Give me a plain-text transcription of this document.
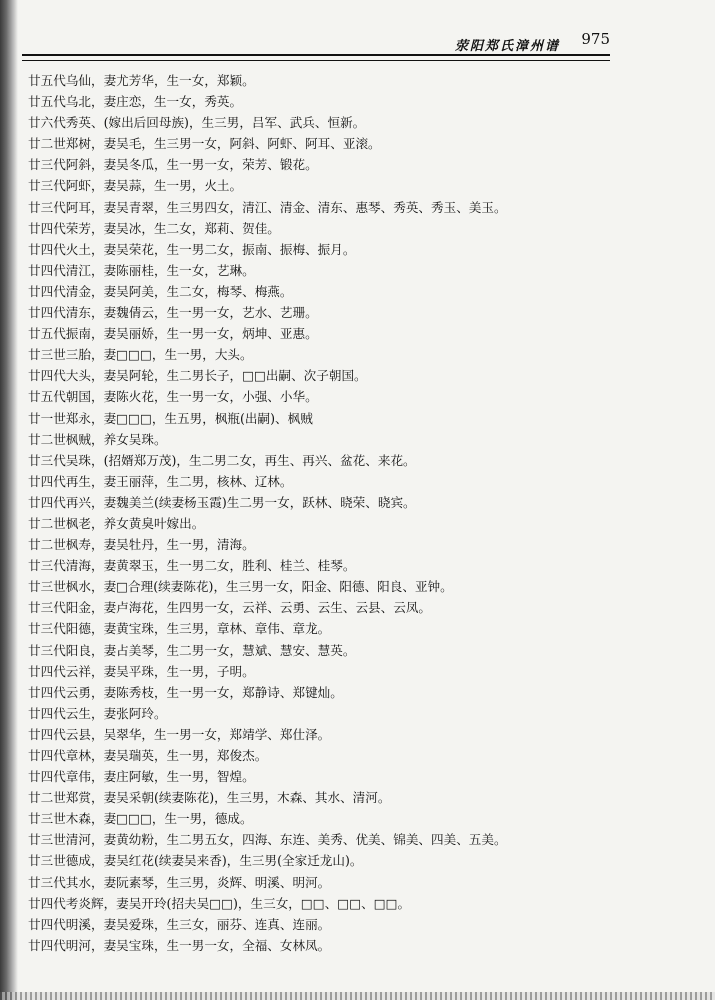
荥阳郑氏漳州谱 975
廿五代乌仙，妻尤芳华，生一女，郑颖。
廿五代乌北，妻庄恋，生一女，秀英。
廿六代秀英、(嫁出后回母族)，生三男，吕军、武兵、恒新。
廿二世郑树，妻吴毛，生三男一女，阿斜、阿虾、阿耳、亚滚。
廿三代阿斜，妻吴冬瓜，生一男一女，荣芳、锻花。
廿三代阿虾，妻吴蒜，生一男，火土。
廿三代阿耳，妻吴青翠，生三男四女，清江、清金、清东、惠琴、秀英、秀玉、美玉。
廿四代荣芳，妻吴冰，生二女，郑莉、贺佳。
廿四代火土，妻吴荣花，生一男二女，振南、振梅、振月。
廿四代清江，妻陈丽桂，生一女，艺琳。
廿四代清金，妻吴阿美，生二女，梅琴、梅燕。
廿四代清东，妻魏倩云，生一男一女，艺水、艺珊。
廿五代振南，妻吴丽娇，生一男一女，炳坤、亚惠。
廿三世三胎，妻□□□，生一男，大头。
廿四代大头，妻吴阿轮，生二男长子，□□出嗣、次子朝国。
廿五代朝国，妻陈火花，生一男一女，小强、小华。
廿一世郑永，妻□□□，生五男，枫瓶(出嗣)、枫贼
廿二世枫贼，养女吴珠。
廿三代吴珠，(招婿郑万茂)，生二男二女，再生、再兴、盆花、来花。
廿四代再生，妻王丽萍，生二男，核林、辽林。
廿四代再兴，妻魏美兰(续妻杨玉霞)生二男一女，跃林、晓荣、晓宾。
廿二世枫老，养女黄臭叶嫁出。
廿二世枫寿，妻吴牡丹，生一男，清海。
廿三代清海，妻黄翠玉，生一男二女，胜利、桂兰、桂琴。
廿三世枫水，妻□合理(续妻陈花)，生三男一女，阳金、阳德、阳良、亚钟。
廿三代阳金，妻卢海花，生四男一女，云祥、云勇、云生、云县、云凤。
廿三代阳德，妻黄宝珠，生三男，章林、章伟、章龙。
廿三代阳良，妻占美琴，生二男一女，慧斌、慧安、慧英。
廿四代云祥，妻吴平珠，生一男，子明。
廿四代云勇，妻陈秀枝，生一男一女，郑静诗、郑键灿。
廿四代云生，妻张阿玲。
廿四代云县，吴翠华，生一男一女，郑靖学、郑仕泽。
廿四代章林，妻吴瑞英，生一男，郑俊杰。
廿四代章伟，妻庄阿敏，生一男，智煌。
廿二世郑赏，妻吴采朝(续妻陈花)，生三男，木森、其水、清河。
廿三世木森，妻□□□，生一男，德成。
廿三世清河，妻黄幼粉，生二男五女，四海、东连、美秀、优美、锦美、四美、五美。
廿三世德成，妻吴红花(续妻吴来香)，生三男(全家迁龙山)。
廿三代其水，妻阮素琴，生三男，炎辉、明溪、明河。
廿四代考炎辉，妻吴开玲(招夫吴□□)，生三女，□□、□□、□□。
廿四代明溪，妻吴爱珠，生三女，丽芬、连真、连丽。
廿四代明河，妻吴宝珠，生一男一女，全福、女林凤。
